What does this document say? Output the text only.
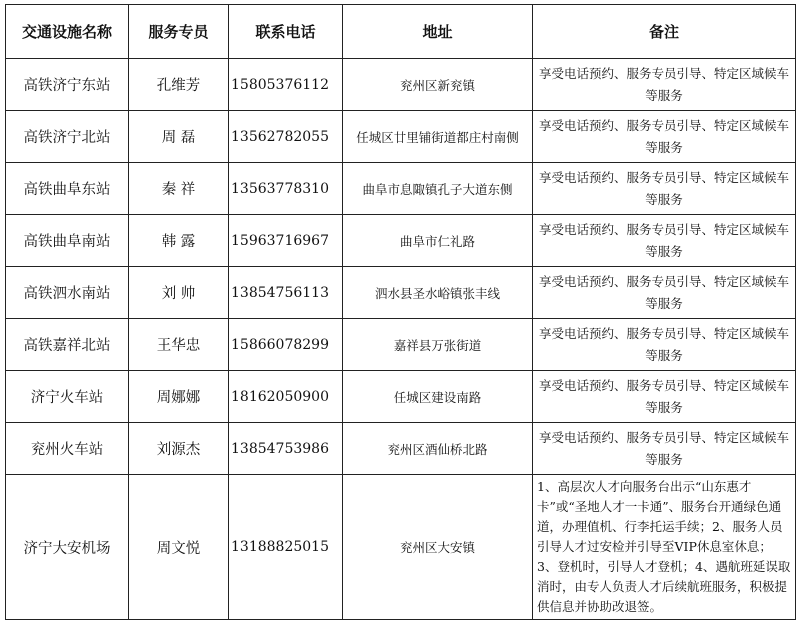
交通设施名称	服务专员	联系电话	地址	备注
高铁济宁东站	孔维芳	15805376112	兖州区新兖镇	享受电话预约、服务专员引导、特定区域候车等服务
高铁济宁北站	周 磊	13562782055	任城区廿里铺街道都庄村南侧	享受电话预约、服务专员引导、特定区域候车等服务
高铁曲阜东站	秦 祥	13563778310	曲阜市息陬镇孔子大道东侧	享受电话预约、服务专员引导、特定区域候车等服务
高铁曲阜南站	韩 露	15963716967	曲阜市仁礼路	享受电话预约、服务专员引导、特定区域候车等服务
高铁泗水南站	刘 帅	13854756113	泗水县圣水峪镇张丰线	享受电话预约、服务专员引导、特定区域候车等服务
高铁嘉祥北站	王华忠	15866078299	嘉祥县万张街道	享受电话预约、服务专员引导、特定区域候车等服务
济宁火车站	周娜娜	18162050900	任城区建设南路	享受电话预约、服务专员引导、特定区域候车等服务
兖州火车站	刘源杰	13854753986	兖州区酒仙桥北路	享受电话预约、服务专员引导、特定区域候车等服务
济宁大安机场	周文悦	13188825015	兖州区大安镇	1、高层次人才向服务台出示“山东惠才卡”或“圣地人才一卡通”、服务台开通绿色通道，办理值机、行李托运手续；2、服务人员引导人才过安检并引导至VIP休息室休息；3、登机时，引导人才登机；4、遇航班延误取消时，由专人负责人才后续航班服务，积极提供信息并协助改退签。
